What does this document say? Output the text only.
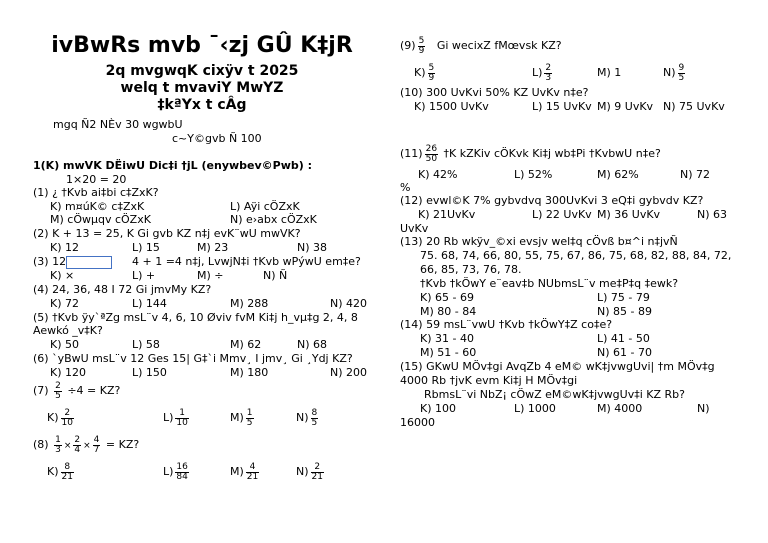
ivBwRs mvb ¯‹zj GÛ K‡jR
2q mvgwqK cixÿv t 2025
welq t mvaviY MwYZ
‡kªYx t cÂg
mgq Ñ2 NÈv 30 wgwbU
c~Y©gvb Ñ 100
1(K) mwVK DËiwU Dic‡i †jL (enywbev©Pwb) :
1×20 = 20
(1) ¿ †Kvb ai‡bi c‡ZxK?
K) m¤úK© c‡ZxK	L) Aÿi cÖZxK
M) cÖwµqv cÖZxK	N) e›abx cÖZxK
(2) K + 13 = 25, K Gi gvb KZ n‡j evK¨wU mwVK?
K) 12	L) 15	M) 23	N) 38
(3) 12	4 + 1 =4 n‡j, LvwjN‡i †Kvb wPýwU em‡e?
K) ×	L) +	M) ÷	N) Ñ
(4) 24, 36, 48 I 72 Gi jmvMy KZ?
K) 72	L) 144	M) 288	N) 420
(5) †Kvb ÿy`ªZg msL¨v 4, 6, 10 Øviv fvM Ki‡j h_vµ‡g 2, 4, 8
Aewkó _v‡K?
K) 50	L) 58	M) 62	N) 68
(6) `yBwU msL¨v 12 Ges 15| G‡`i Mmv¸ I jmv¸ Gi ¸Ydj KZ?
K) 120	L) 150	M) 180	N) 200
$(7) \frac{2}{5} \div 4$ = KZ?
$K) \frac{2}{10}$	$L) \frac{1}{10}$	$M) \frac{1}{5}$	$N) \frac{8}{5}$
$(8) \frac{1}{3} \times \frac{2}{4} \times \frac{4}{7}$ = KZ?
$K) \frac{8}{21}$	$L) \frac{16}{84}$	$M) \frac{4}{21}$	$N) \frac{2}{21}$
$(9) \frac{5}{9}$ Gi wecixZ fMœvsk KZ?
$K) \frac{5}{9}$	$L) \frac{2}{3}$	M) 1	$N) \frac{9}{5}$
(10) 300 UvKvi 50% KZ UvKv n‡e?
K) 1500 UvKv	L) 15 UvKv M) 9 UvKv N) 75 UvKv
$(11) \frac{26}{50}$ †K kZKiv cÖKvk Ki‡j wb‡Pi †KvbwU n‡e?
K) 42%	L) 52%	M) 62%	N) 72
%
(12) evwl©K 7% gybvdvq 300UvKvi 3 eQ‡i gybvdv KZ?
K) 21UvKv	L) 22 UvKv M) 36 UvKv	N) 63
UvKv
(13) 20 Rb wkÿv_©xi evsjv wel‡q cÖvß b¤^i n‡jvÑ
75. 68, 74, 66, 80, 55, 75, 67, 86, 75, 68, 82, 88, 84, 72,
66, 85, 73, 76, 78.
†Kvb †kÖwY e¨eav‡b NUbmsL¨v me‡P‡q ‡ewk?
K) 65 - 69	L) 75 - 79
M) 80 - 84	N) 85 - 89
(14) 59 msL¨vwU †Kvb †kÖwY‡Z co‡e?
K) 31 - 40	L) 41 - 50
M) 51 - 60	N) 61 - 70
(15) GKwU MÖv‡gi AvqZb 4 eM© wK‡jvwgUvi| †m MÖv‡g
4000 Rb †jvK evm Ki‡j H MÖv‡gi
RbmsL¨vi NbZ¡ cÖwZ eM©wK‡jvwgUv‡i KZ Rb?
K) 100	L) 1000	M) 4000	N)
16000
